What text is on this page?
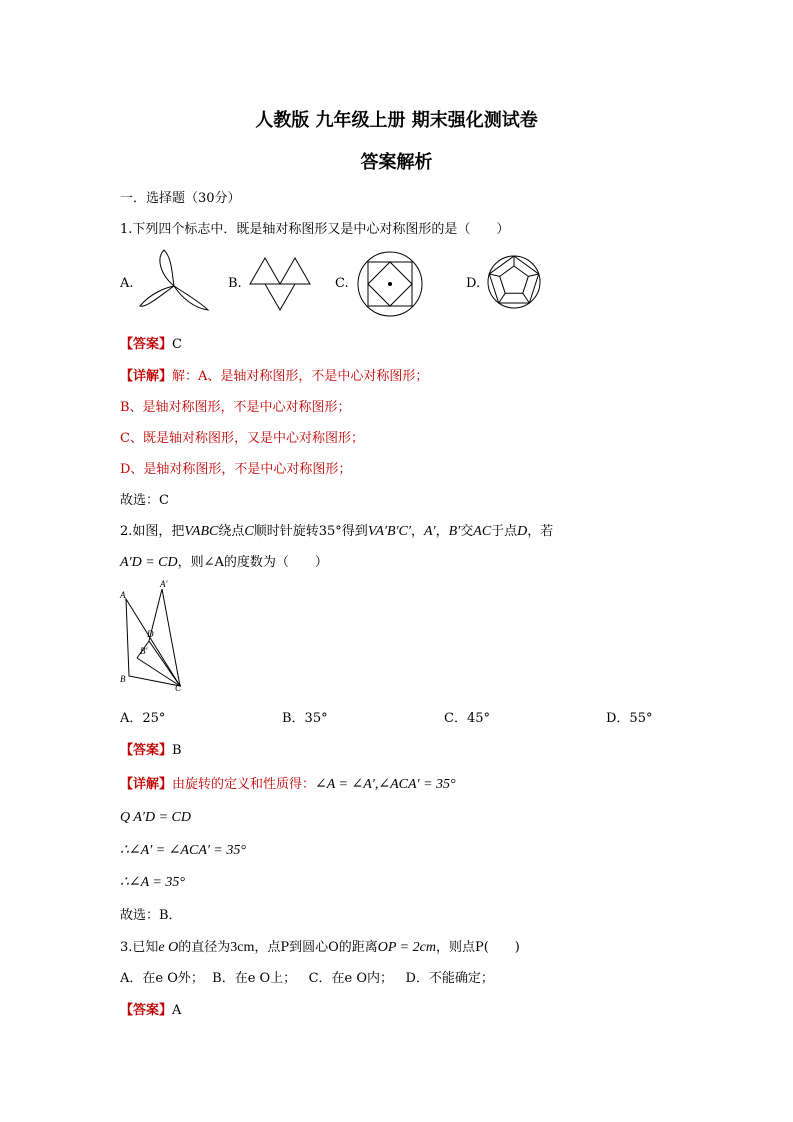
人教版 九年级上册 期末强化测试卷
答案解析
一．选择题（30分）
1.下列四个标志中．既是轴对称图形又是中心对称图形的是（　　）
A.	B.	C.	D.
【答案】C
【详解】解：A、是轴对称图形，不是中心对称图形；
B、是轴对称图形，不是中心对称图形；
C、既是轴对称图形，又是中心对称图形；
D、是轴对称图形，不是中心对称图形；
故选：C
2.如图，把VABC绕点C顺时针旋转35°得到VA′B′C′，A′，B′交AC于点D，若
A′D = CD，则∠A的度数为（　　）
A
A′
D
B′
B
C
A．25°	B．35°	C．45°	D．55°
【答案】B
【详解】由旋转的定义和性质得：∠A = ∠A′,∠ACA′ = 35°
Q A′D = CD
∴∠A′ = ∠ACA′ = 35°
∴∠A = 35°
故选：B．
3.已知e O的直径为3cm，点P到圆心O的距离OP = 2cm，则点P(　　)
A．在e O外； B．在e O上； C．在e O内； D．不能确定；
【答案】A
